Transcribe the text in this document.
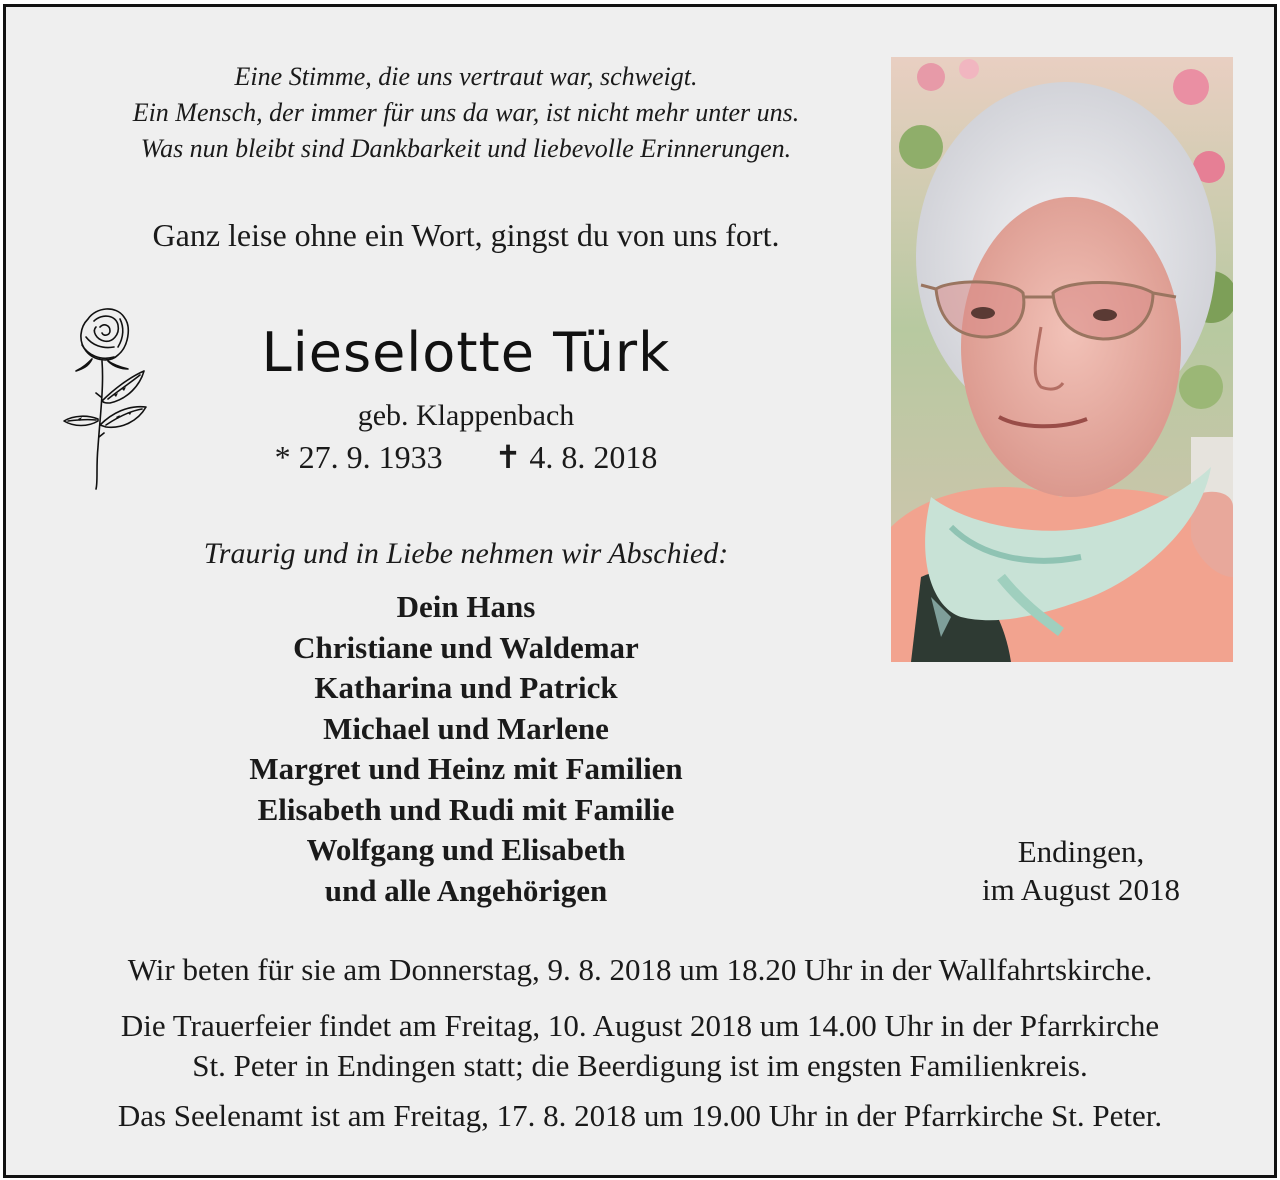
Eine Stimme, die uns vertraut war, schweigt.
Ein Mensch, der immer für uns da war, ist nicht mehr unter uns.
Was nun bleibt sind Dankbarkeit und liebevolle Erinnerungen.
Ganz leise ohne ein Wort, gingst du von uns fort.
Lieselotte Türk
geb. Klappenbach
* 27. 9. 1933 ✝ 4. 8. 2018
Traurig und in Liebe nehmen wir Abschied:
Dein Hans
Christiane und Waldemar
Katharina und Patrick
Michael und Marlene
Margret und Heinz mit Familien
Elisabeth und Rudi mit Familie
Wolfgang und Elisabeth
und alle Angehörigen
Endingen,
im August 2018
Wir beten für sie am Donnerstag, 9. 8. 2018 um 18.20 Uhr in der Wallfahrtskirche.
Die Trauerfeier findet am Freitag, 10. August 2018 um 14.00 Uhr in der Pfarrkirche
St. Peter in Endingen statt; die Beerdigung ist im engsten Familienkreis.
Das Seelenamt ist am Freitag, 17. 8. 2018 um 19.00 Uhr in der Pfarrkirche St. Peter.
